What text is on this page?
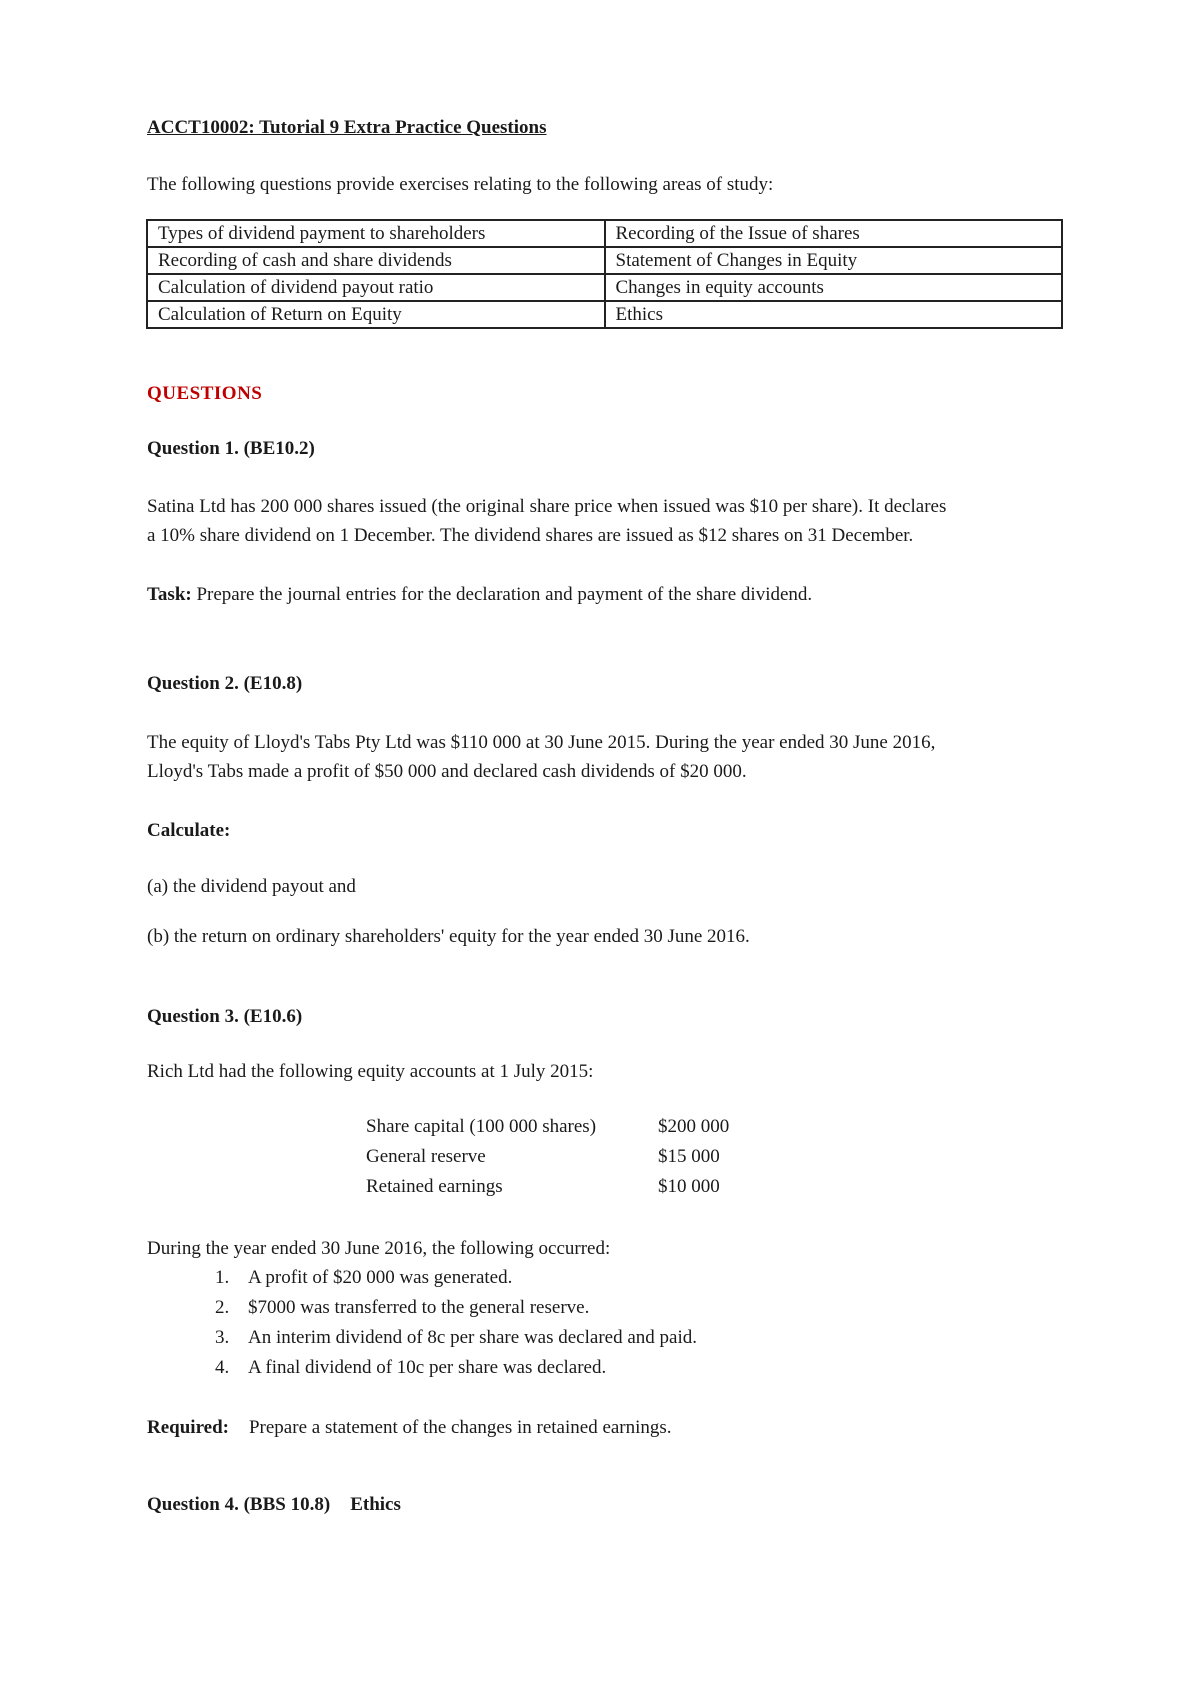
ACCT10002: Tutorial 9 Extra Practice Questions

The following questions provide exercises relating to the following areas of study:

Types of dividend payment to shareholders	Recording of the Issue of shares
Recording of cash and share dividends	Statement of Changes in Equity
Calculation of dividend payout ratio	Changes in equity accounts
Calculation of Return on Equity	Ethics

QUESTIONS

Question 1. (BE10.2)

Satina Ltd has 200 000 shares issued (the original share price when issued was $10 per share). It declares

a 10% share dividend on 1 December. The dividend shares are issued as $12 shares on 31 December.

Task: Prepare the journal entries for the declaration and payment of the share dividend.

Question 2. (E10.8)

The equity of Lloyd's Tabs Pty Ltd was $110 000 at 30 June 2015. During the year ended 30 June 2016,

Lloyd's Tabs made a profit of $50 000 and declared cash dividends of $20 000.

Calculate:

(a) the dividend payout and

(b) the return on ordinary shareholders' equity for the year ended 30 June 2016.

Question 3. (E10.6)

Rich Ltd had the following equity accounts at 1 July 2015:

Share capital (100 000 shares)	$200 000
General reserve	$15 000
Retained earnings	$10 000

During the year ended 30 June 2016, the following occurred:

1. A profit of $20 000 was generated.
2. $7000 was transferred to the general reserve.
3. An interim dividend of 8c per share was declared and paid.
4. A final dividend of 10c per share was declared.

Required: Prepare a statement of the changes in retained earnings.

Question 4. (BBS 10.8) Ethics
